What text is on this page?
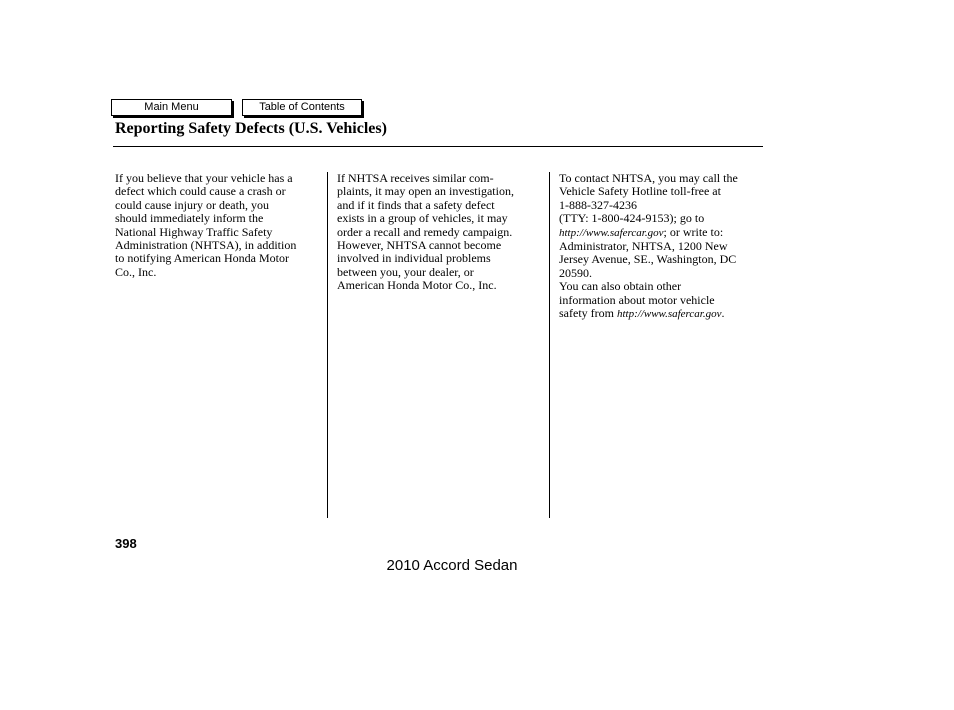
Main Menu	Table of Contents
Reporting Safety Defects (U.S. Vehicles)

If you believe that your vehicle has a

defect which could cause a crash or

could cause injury or death, you

should immediately inform the

National Highway Traffic Safety

Administration (NHTSA), in addition

to notifying American Honda Motor

Co., Inc.

If NHTSA receives similar com-

plaints, it may open an investigation,

and if it finds that a safety defect

exists in a group of vehicles, it may

order a recall and remedy campaign.

However, NHTSA cannot become

involved in individual problems

between you, your dealer, or

American Honda Motor Co., Inc.

To contact NHTSA, you may call the

Vehicle Safety Hotline toll-free at

1-888-327-4236

(TTY: 1-800-424-9153); go to

http://www.safercar.gov; or write to:

Administrator, NHTSA, 1200 New

Jersey Avenue, SE., Washington, DC

20590.

You can also obtain other

information about motor vehicle

safety from http://www.safercar.gov.

398
2010 Accord Sedan
